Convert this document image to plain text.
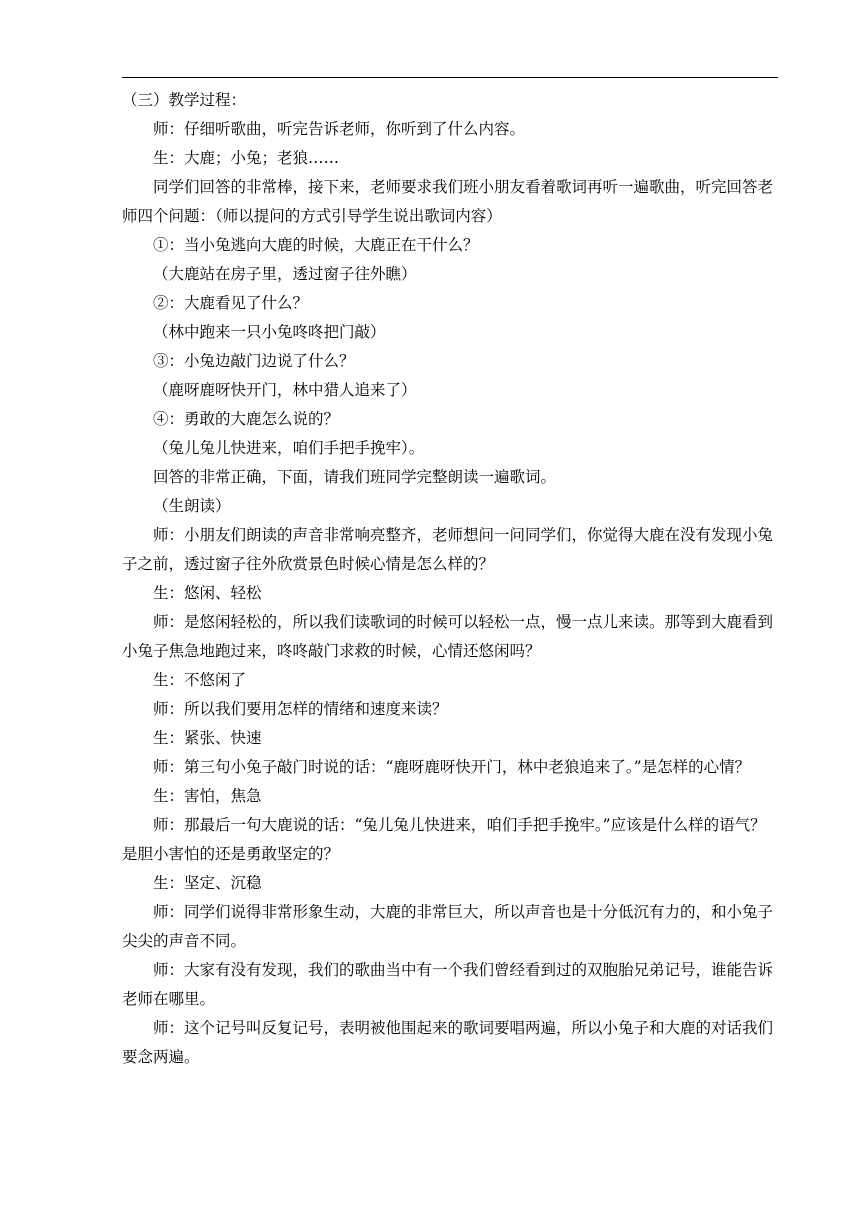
（三）教学过程：

师：仔细听歌曲，听完告诉老师，你听到了什么内容。

生：大鹿；小兔；老狼……

同学们回答的非常棒，接下来，老师要求我们班小朋友看着歌词再听一遍歌曲，听完回答老师四个问题：（师以提问的方式引导学生说出歌词内容）

①：当小兔逃向大鹿的时候，大鹿正在干什么？

（大鹿站在房子里，透过窗子往外瞧）

②：大鹿看见了什么？

（林中跑来一只小兔咚咚把门敲）

③：小兔边敲门边说了什么？

（鹿呀鹿呀快开门，林中猎人追来了）

④：勇敢的大鹿怎么说的？

（兔儿兔儿快进来，咱们手把手挽牢）。

回答的非常正确，下面，请我们班同学完整朗读一遍歌词。

（生朗读）

师：小朋友们朗读的声音非常响亮整齐，老师想问一问同学们，你觉得大鹿在没有发现小兔子之前，透过窗子往外欣赏景色时候心情是怎么样的？

生：悠闲、轻松

师：是悠闲轻松的，所以我们读歌词的时候可以轻松一点，慢一点儿来读。那等到大鹿看到小兔子焦急地跑过来，咚咚敲门求救的时候，心情还悠闲吗？

生：不悠闲了

师：所以我们要用怎样的情绪和速度来读？

生：紧张、快速

师：第三句小兔子敲门时说的话：“鹿呀鹿呀快开门，林中老狼追来了。”是怎样的心情？

生：害怕，焦急

师：那最后一句大鹿说的话：“兔儿兔儿快进来，咱们手把手挽牢。”应该是什么样的语气？是胆小害怕的还是勇敢坚定的？

生：坚定、沉稳

师：同学们说得非常形象生动，大鹿的非常巨大，所以声音也是十分低沉有力的，和小兔子尖尖的声音不同。

师：大家有没有发现，我们的歌曲当中有一个我们曾经看到过的双胞胎兄弟记号，谁能告诉老师在哪里。

师：这个记号叫反复记号，表明被他围起来的歌词要唱两遍，所以小兔子和大鹿的对话我们要念两遍。
